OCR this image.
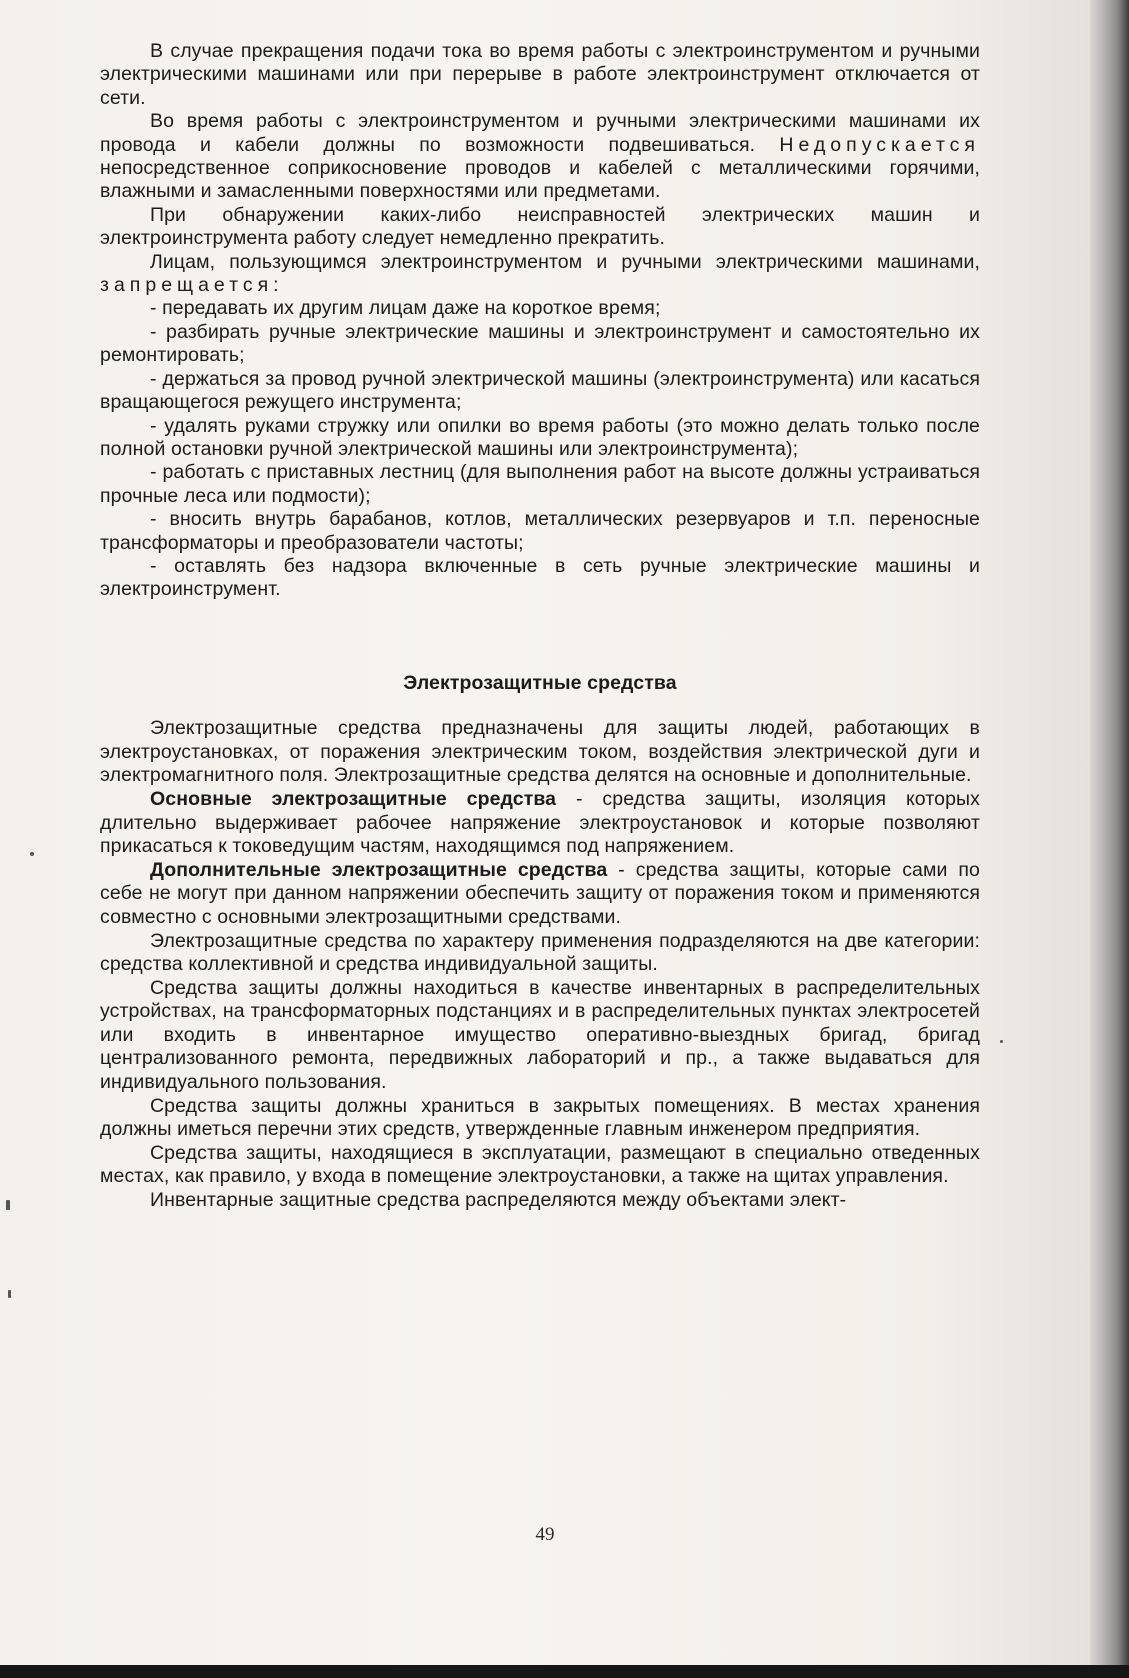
В случае прекращения подачи тока во время работы с электроинструментом и ручными электрическими машинами или при перерыве в работе электроинструмент отключается от сети.

Во время работы с электроинструментом и ручными электрическими машинами их провода и кабели должны по возможности подвешиваться. Недопускается непосредственное соприкосновение проводов и кабелей с металлическими горячими, влажными и замасленными поверхностями или предметами.

При обнаружении каких-либо неисправностей электрических машин и электроинструмента работу следует немедленно прекратить.

Лицам, пользующимся электроинструментом и ручными электрическими машинами, запрещается:

- передавать их другим лицам даже на короткое время;

- разбирать ручные электрические машины и электроинструмент и самостоятельно их ремонтировать;

- держаться за провод ручной электрической машины (электроинструмента) или касаться вращающегося режущего инструмента;

- удалять руками стружку или опилки во время работы (это можно делать только после полной остановки ручной электрической машины или электроинструмента);

- работать с приставных лестниц (для выполнения работ на высоте должны устраиваться прочные леса или подмости);

- вносить внутрь барабанов, котлов, металлических резервуаров и т.п. переносные трансформаторы и преобразователи частоты;

- оставлять без надзора включенные в сеть ручные электрические машины и электроинструмент.

Электрозащитные средства

Электрозащитные средства предназначены для защиты людей, работающих в электроустановках, от поражения электрическим током, воздействия электрической дуги и электромагнитного поля. Электрозащитные средства делятся на основные и дополнительные.

Основные электрозащитные средства - средства защиты, изоляция которых длительно выдерживает рабочее напряжение электроустановок и которые позволяют прикасаться к токоведущим частям, находящимся под напряжением.

Дополнительные электрозащитные средства - средства защиты, которые сами по себе не могут при данном напряжении обеспечить защиту от поражения током и применяются совместно с основными электрозащитными средствами.

Электрозащитные средства по характеру применения подразделяются на две категории: средства коллективной и средства индивидуальной защиты.

Средства защиты должны находиться в качестве инвентарных в распределительных устройствах, на трансформаторных подстанциях и в распределительных пунктах электросетей или входить в инвентарное имущество оперативно-выездных бригад, бригад централизованного ремонта, передвижных лабораторий и пр., а также выдаваться для индивидуального пользования.

Средства защиты должны храниться в закрытых помещениях. В местах хранения должны иметься перечни этих средств, утвержденные главным инженером предприятия.

Средства защиты, находящиеся в эксплуатации, размещают в специально отведенных местах, как правило, у входа в помещение электроустановки, а также на щитах управления.

Инвентарные защитные средства распределяются между объектами элект-

49
